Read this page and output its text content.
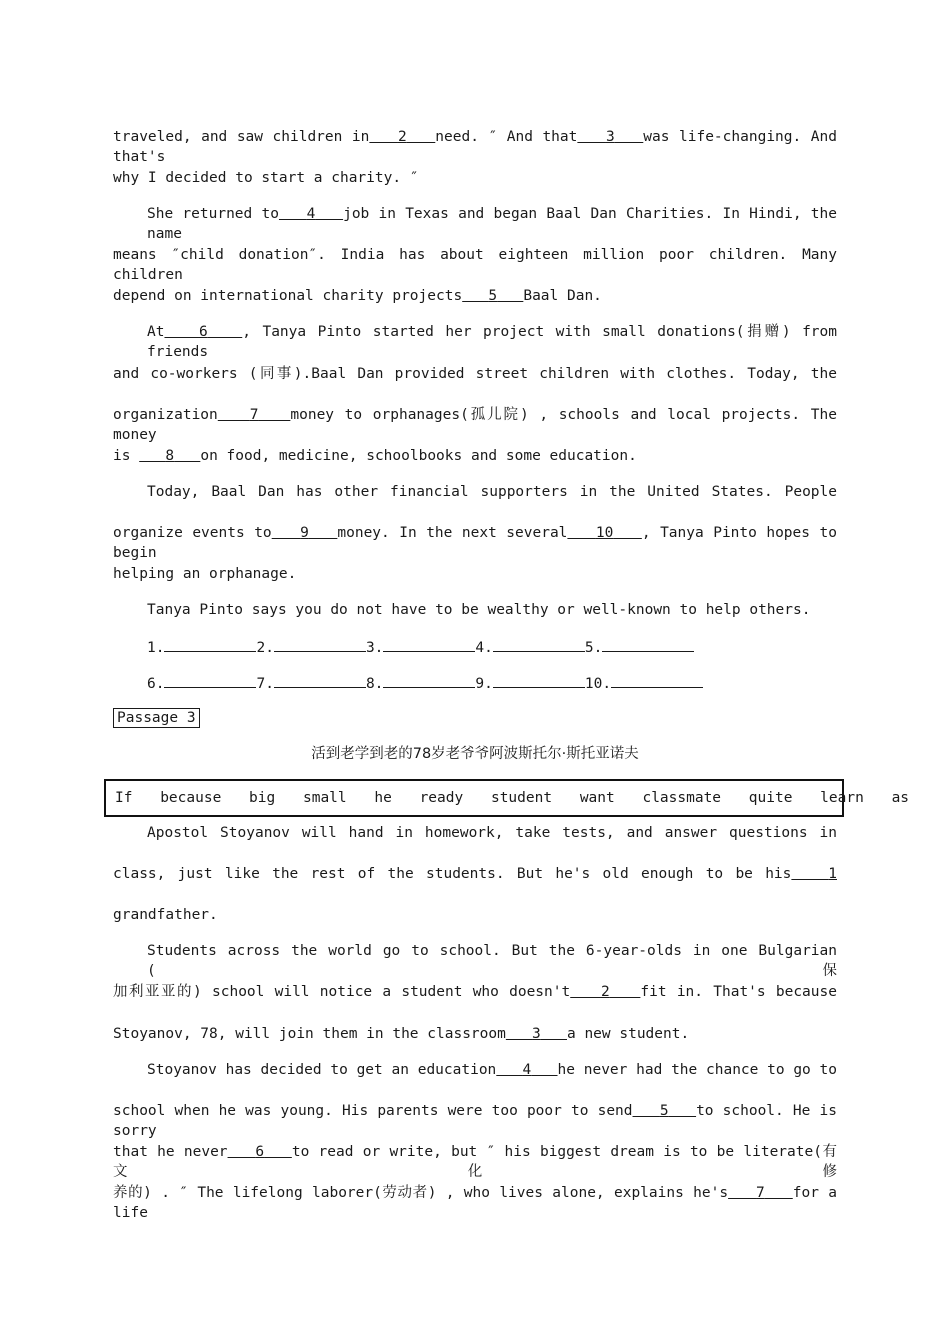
traveled, and saw children in 2 need. ″ And that 3 was life-changing. And that's
why I decided to start a charity. ″
She returned to 4 job in Texas and began Baal Dan Charities. In Hindi, the name
means ″child donation″. India has about eighteen million poor children. Many children
depend on international charity projects 5 Baal Dan.
At 6 , Tanya Pinto started her project with small donations(捐赠) from friends
and co-workers (同事).Baal Dan provided street children with clothes. Today, the
organization 7 money to orphanages(孤儿院) , schools and local projects. The money
is    8 on food, medicine, schoolbooks and some education.
Today, Baal Dan has other financial supporters in the United States. People
organize events to 9 money. In the next several 10 , Tanya Pinto hopes to begin
helping an orphanage.
Tanya Pinto says you do not have to be wealthy or well-known to help others.
1.	2.	3.	4.	5.
6.	7.	8.	9.	10.
Passage 3
活到老学到老的78岁老爷爷阿波斯托尔·斯托亚诺夫
If because big small he ready student want classmate quite learn as
Apostol Stoyanov will hand in homework, take tests, and answer questions in
class, just like the rest of the students. But he's old enough to be his	1
grandfather.
Students across the world go to school. But the 6-year-olds in one Bulgarian (保
加利亚亚的) school will notice a student who doesn't 2 fit in. That's because
Stoyanov, 78, will join them in the classroom 3 a new student.
Stoyanov has decided to get an education 4 he never had the chance to go to
school when he was young. His parents were too poor to send 5 to school. He is sorry
that he never 6 to read or write, but ″ his biggest dream is to be literate(有文化修
养的) . ″ The lifelong laborer(劳动者) , who lives alone, explains he's 7 for a life
